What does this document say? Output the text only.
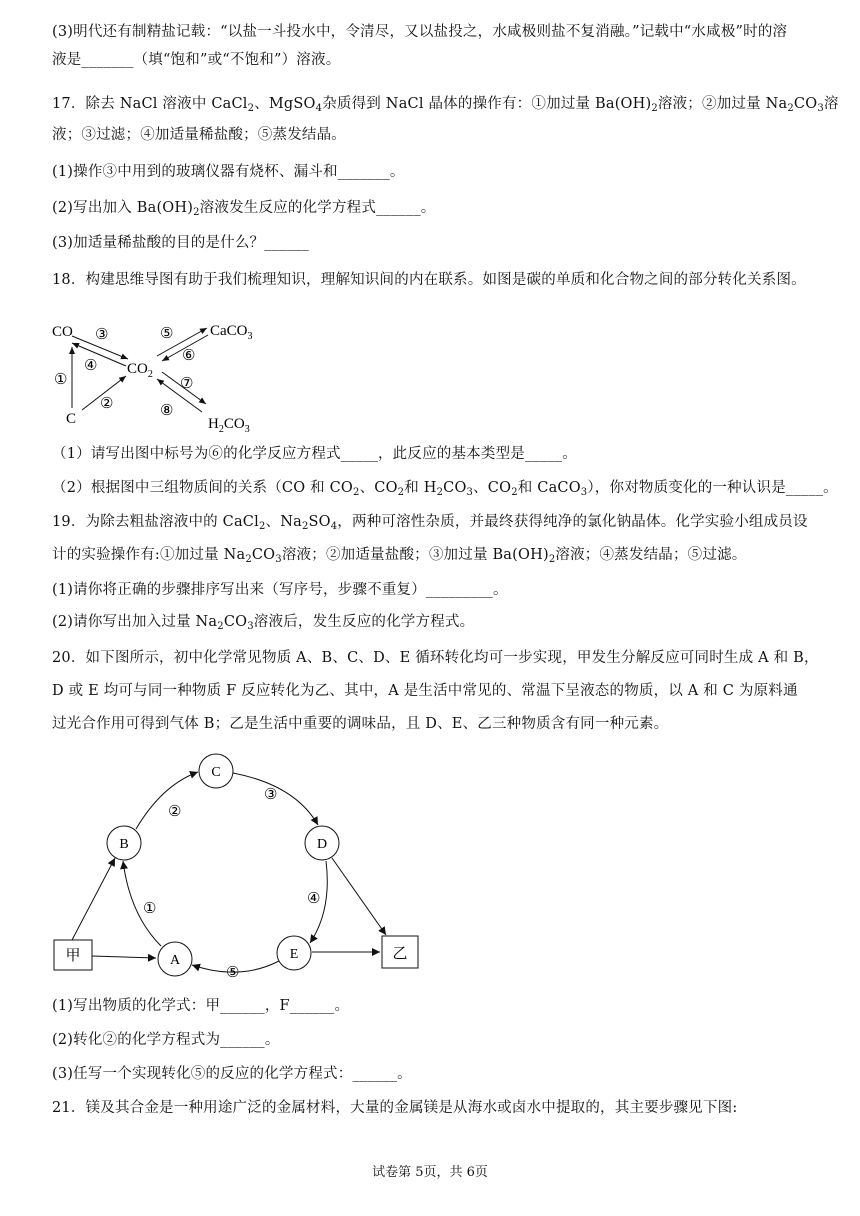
(3)明代还有制精盐记载：“以盐一斗投水中，令清尽，又以盐投之，水咸极则盐不复消融。”记载中“水咸极”时的溶
液是_______（填“饱和”或“不饱和”）溶液。
17．除去 NaCl 溶液中 CaCl$_2$、MgSO$_4$杂质得到 NaCl 晶体的操作有：①加过量 $Ba(OH)_2$溶液；②加过量 $Na_2CO_3$溶
液；③过滤；④加适量稀盐酸；⑤蒸发结晶。
(1)操作③中用到的玻璃仪器有烧杯、漏斗和_______。
(2)写出加入 $Ba(OH)_2$溶液发生反应的化学方程式______。
(3)加适量稀盐酸的目的是什么？______
18．构建思维导图有助于我们梳理知识，理解知识间的内在联系。如图是碳的单质和化合物之间的部分转化关系图。
CO
$CO_2$
CaCO$_3$
$H_2CO_3$
C
①
②
③
④
⑤
⑥
⑦
⑧
（1）请写出图中标号为⑥的化学反应方程式_____，此反应的基本类型是_____。
（2）根据图中三组物质间的关系（CO 和 $CO_2$、$CO_2$和 $H_2CO_3$、$CO_2$和 CaCO$_3$），你对物质变化的一种认识是_____。
19．为除去粗盐溶液中的 CaCl$_2$、$Na_2SO_4$，两种可溶性杂质，并最终获得纯净的氯化钠晶体。化学实验小组成员设
计的实验操作有:①加过量 $Na_2CO_3$溶液；②加适量盐酸；③加过量 $Ba(OH)_2$溶液；④蒸发结晶；⑤过滤。
(1)请你将正确的步骤排序写出来（写序号，步骤不重复）_________。
(2)请你写出加入过量 $Na_2CO_3$溶液后，发生反应的化学方程式。
20．如下图所示，初中化学常见物质 A、B、C、D、E 循环转化均可一步实现，甲发生分解反应可同时生成 A 和 B，
D 或 E 均可与同一种物质 F 反应转化为乙、其中，A 是生活中常见的、常温下呈液态的物质，以 A 和 C 为原料通
过光合作用可得到气体 B；乙是生活中重要的调味品，且 D、E、乙三种物质含有同一种元素。
C
B	D
A	E
甲	乙
②
③
④
⑤
①
(1)写出物质的化学式：甲______，F______。
(2)转化②的化学方程式为______。
(3)任写一个实现转化⑤的反应的化学方程式：______。
21．镁及其合金是一种用途广泛的金属材料，大量的金属镁是从海水或卤水中提取的，其主要步骤见下图:
试卷第 5页，共 6页
